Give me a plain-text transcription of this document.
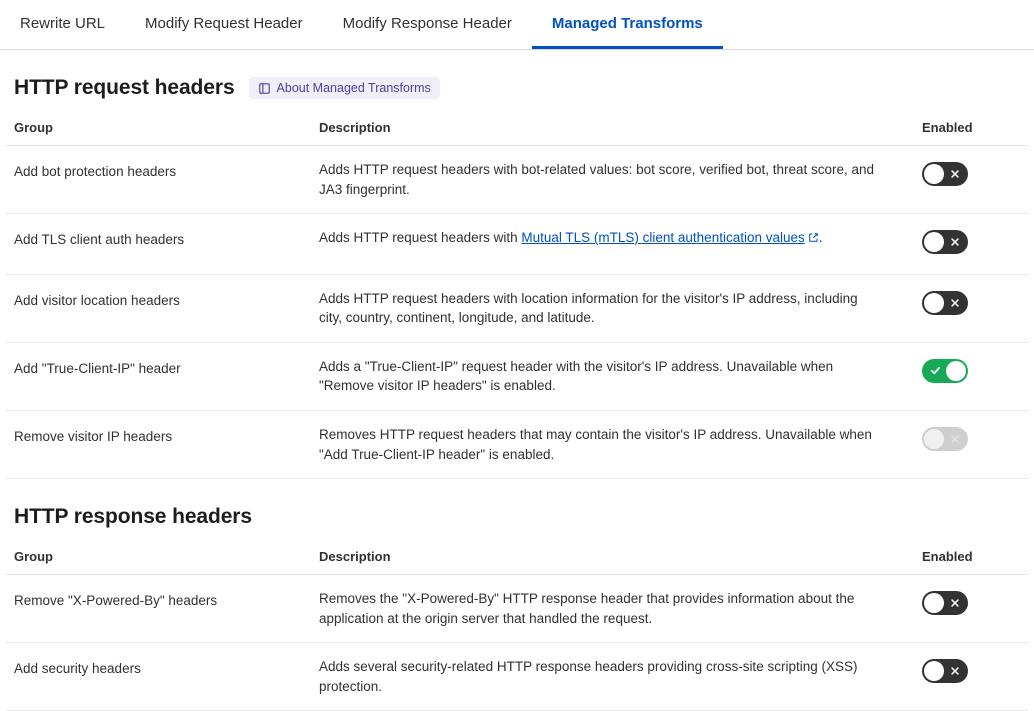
Rewrite URL	Modify Request Header	Modify Response Header	Managed Transforms
HTTP request headers	About Managed Transforms
Group	Description	Enabled
Add bot protection headers	Adds HTTP request headers with bot-related values: bot score, verified bot, threat score, and JA3 fingerprint.	

Add TLS client auth headers	Adds HTTP request headers with Mutual TLS (mTLS) client authentication values .	

Add visitor location headers	Adds HTTP request headers with location information for the visitor's IP address, including city, country, continent, longitude, and latitude.	

Add "True-Client-IP" header	Adds a "True-Client-IP" request header with the visitor's IP address. Unavailable when "Remove visitor IP headers" is enabled.	

Remove visitor IP headers	Removes HTTP request headers that may contain the visitor's IP address. Unavailable when "Add True-Client-IP header" is enabled.	
HTTP response headers
Group	Description	Enabled
Remove "X-Powered-By" headers	Removes the "X-Powered-By" HTTP response header that provides information about the application at the origin server that handled the request.	

Add security headers	Adds several security-related HTTP response headers providing cross-site scripting (XSS) protection.	
